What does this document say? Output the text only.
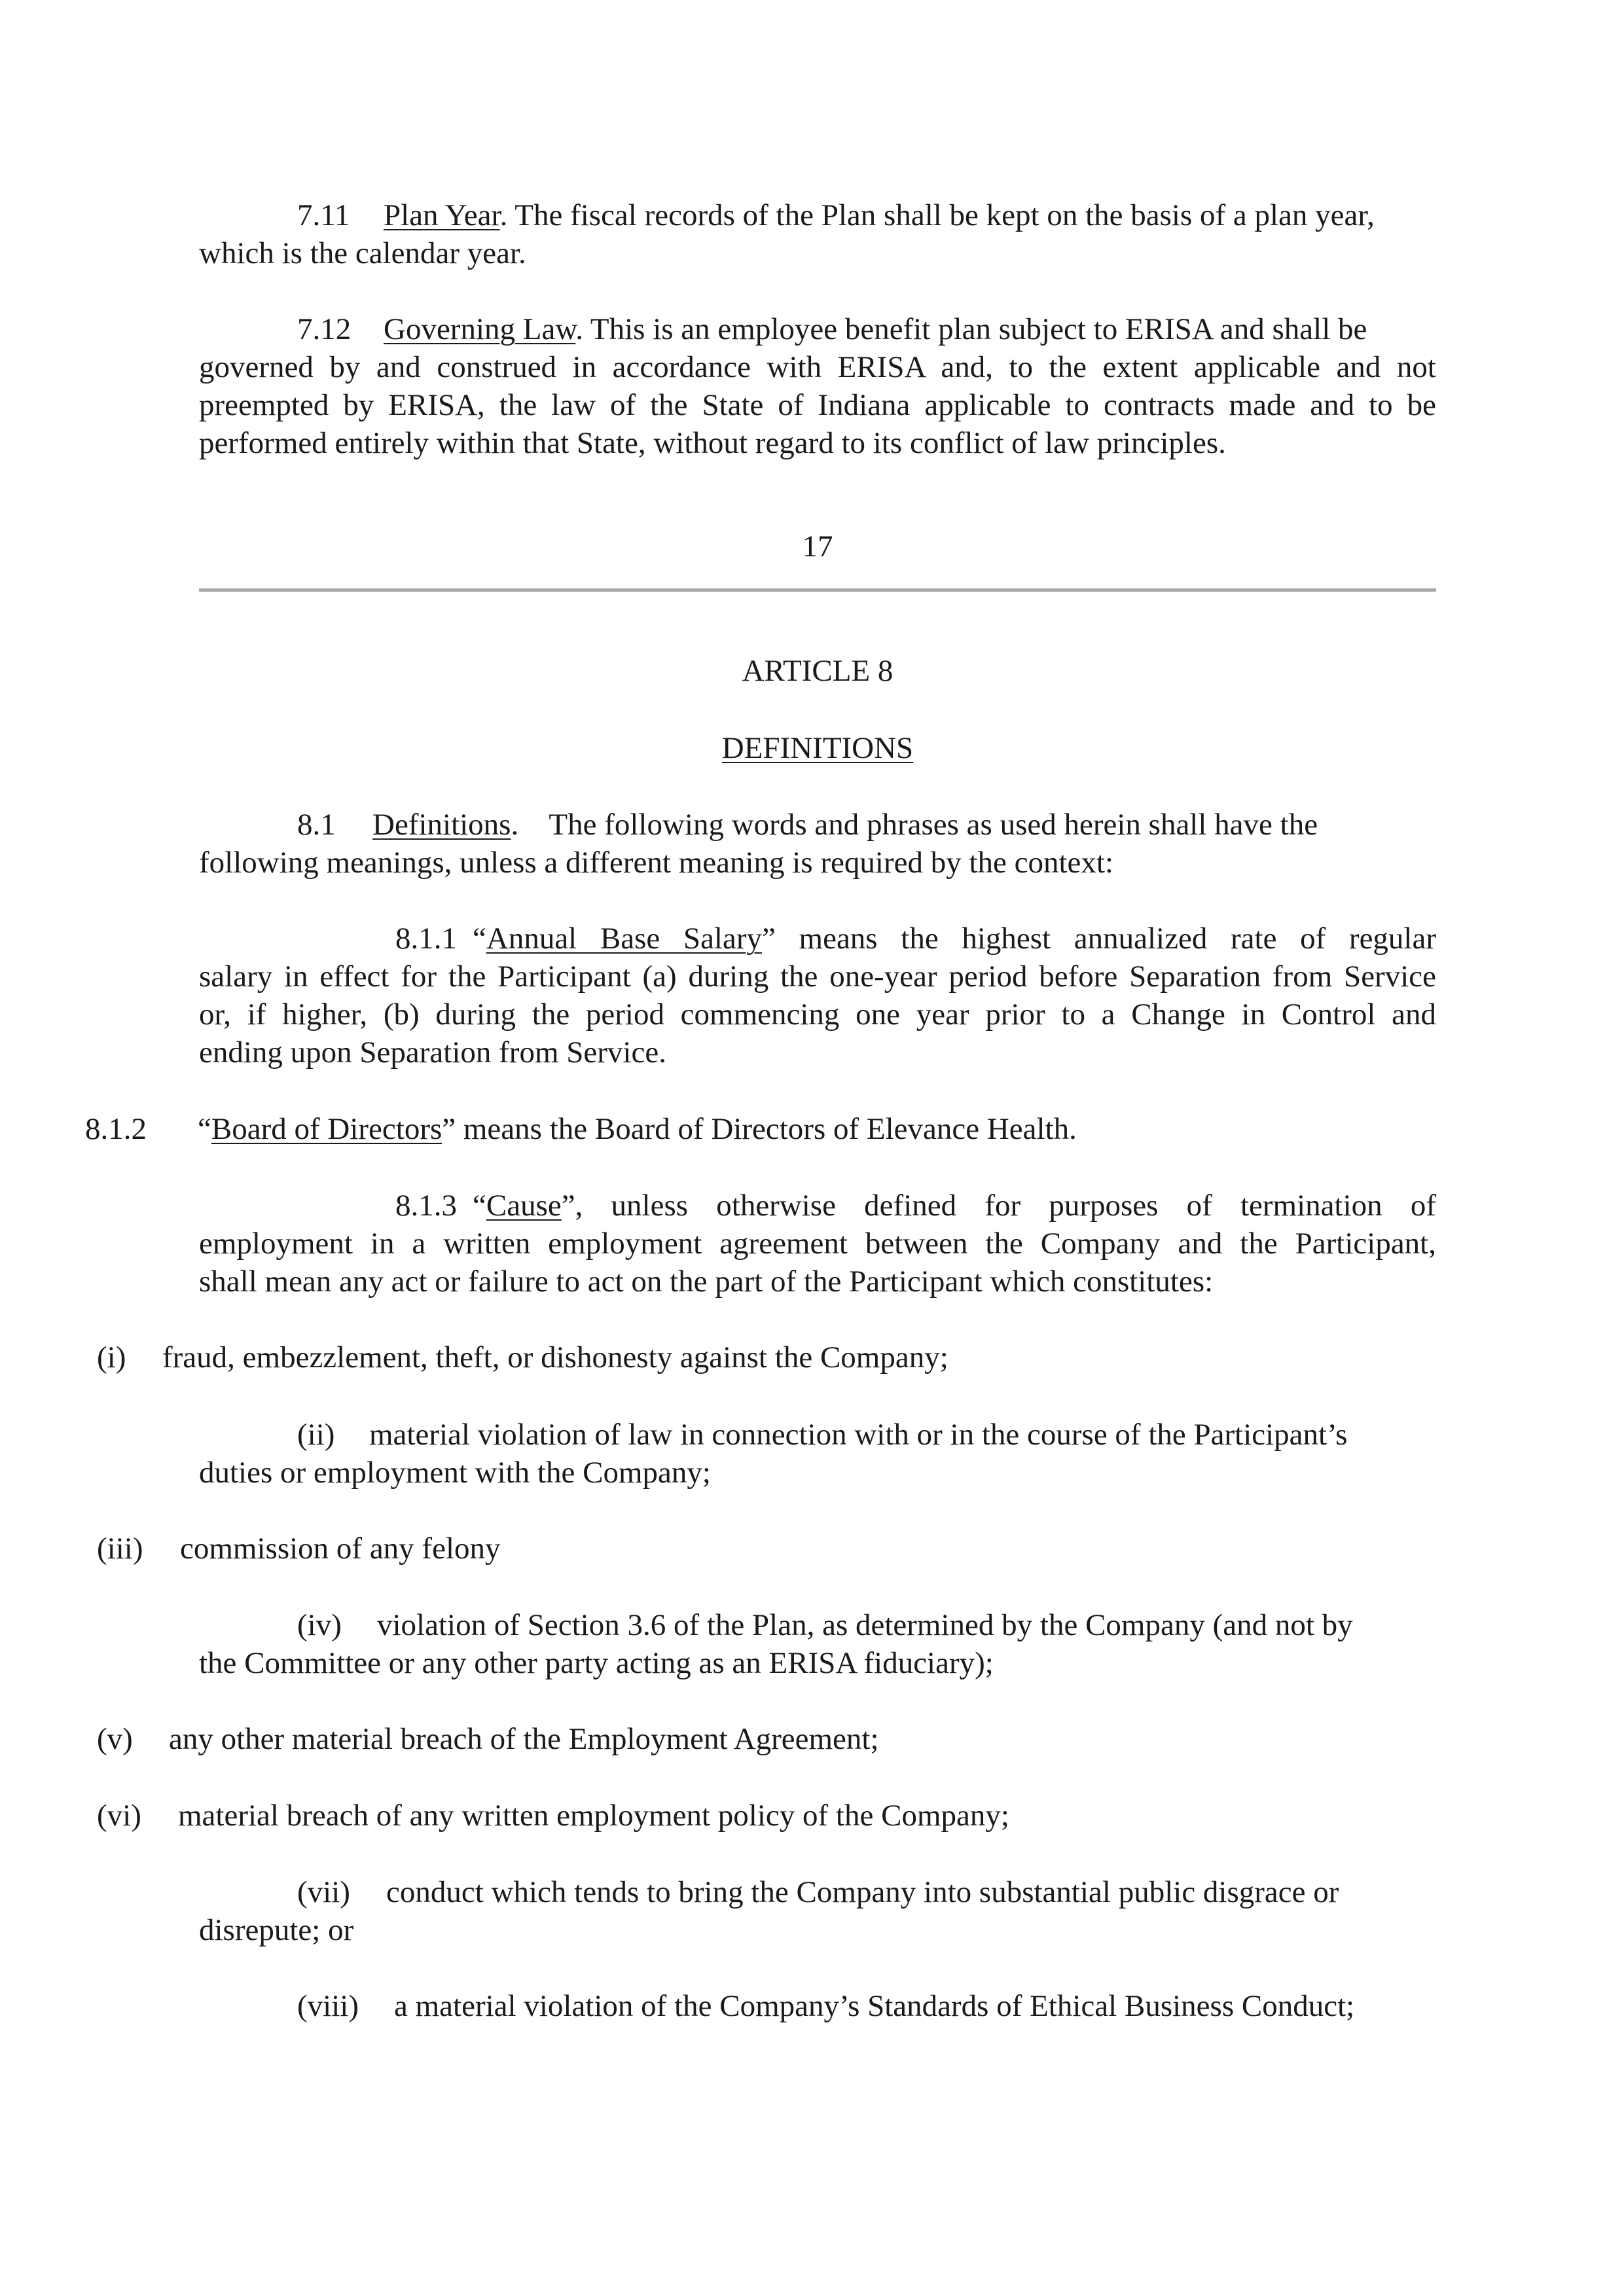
7.11 Plan Year. The fiscal records of the Plan shall be kept on the basis of a plan year,
which is the calendar year.
7.12 Governing Law. This is an employee benefit plan subject to ERISA and shall be
governed by and construed in accordance with ERISA and, to the extent applicable and not
preempted by ERISA, the law of the State of Indiana applicable to contracts made and to be
performed entirely within that State, without regard to its conflict of law principles.
17
ARTICLE 8
DEFINITIONS
8.1 Definitions.    The following words and phrases as used herein shall have the
following meanings, unless a different meaning is required by the context:
8.1.1 “Annual Base Salary” means the highest annualized rate of regular
salary in effect for the Participant (a) during the one-year period before Separation from Service
or, if higher, (b) during the period commencing one year prior to a Change in Control and
ending upon Separation from Service.
8.1.2 “Board of Directors” means the Board of Directors of Elevance Health.
8.1.3 “Cause”, unless otherwise defined for purposes of termination of
employment in a written employment agreement between the Company and the Participant,
shall mean any act or failure to act on the part of the Participant which constitutes:
(i) fraud, embezzlement, theft, or dishonesty against the Company;
(ii) material violation of law in connection with or in the course of the Participant’s
duties or employment with the Company;
(iii) commission of any felony
(iv) violation of Section 3.6 of the Plan, as determined by the Company (and not by
the Committee or any other party acting as an ERISA fiduciary);
(v) any other material breach of the Employment Agreement;
(vi) material breach of any written employment policy of the Company;
(vii) conduct which tends to bring the Company into substantial public disgrace or
disrepute; or
(viii) a material violation of the Company’s Standards of Ethical Business Conduct;
